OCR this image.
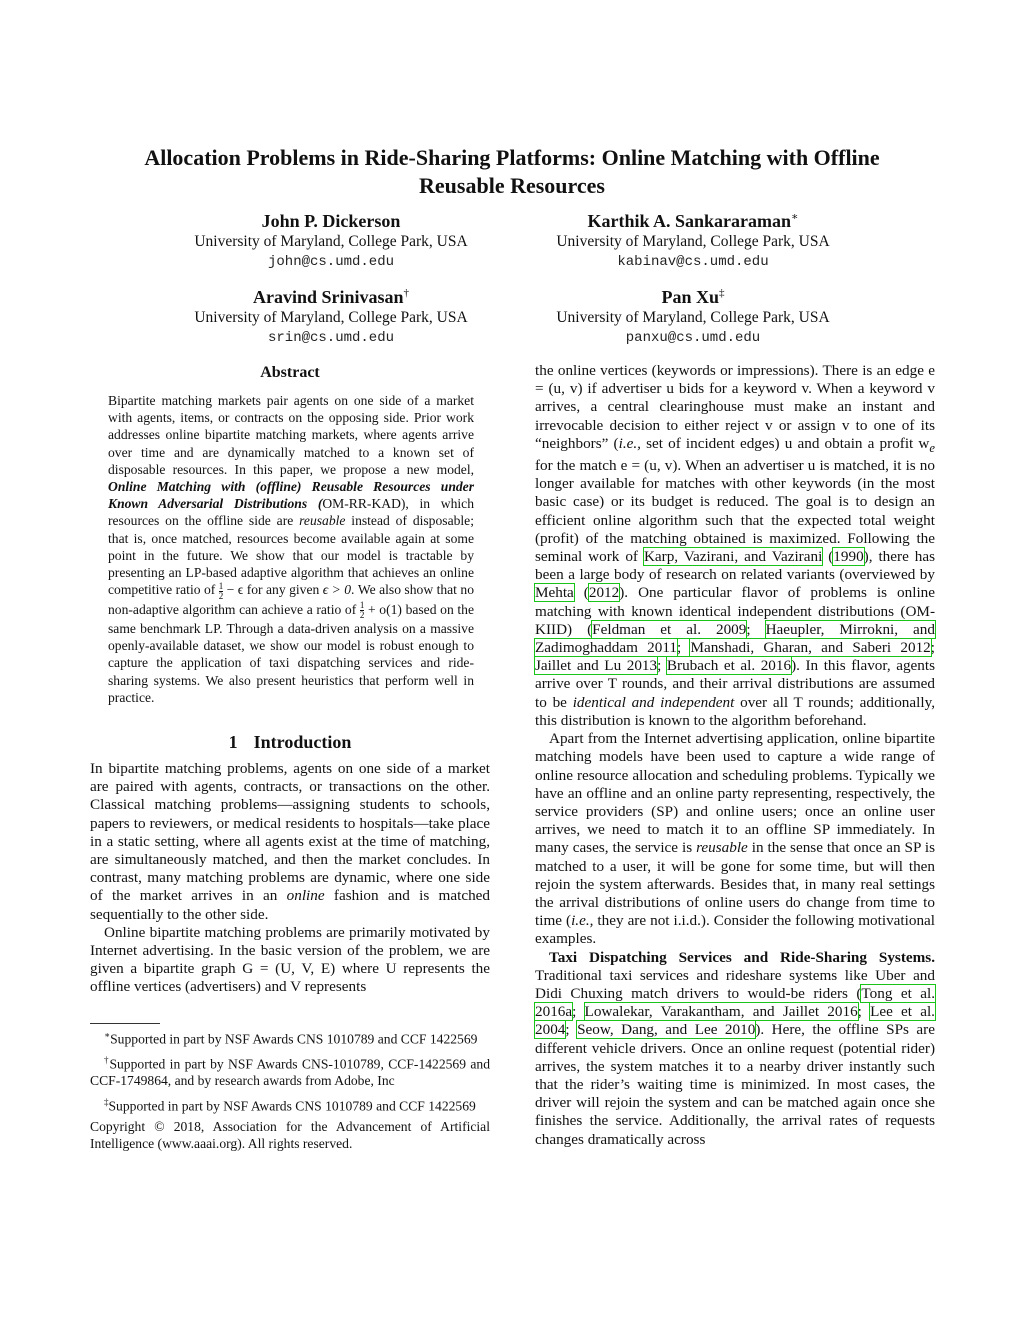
Allocation Problems in Ride-Sharing Platforms: Online Matching with Offline
Reusable Resources
John P. Dickerson
University of Maryland, College Park, USA
john@cs.umd.edu
Karthik A. Sankararaman∗
University of Maryland, College Park, USA
kabinav@cs.umd.edu
Aravind Srinivasan†
University of Maryland, College Park, USA
srin@cs.umd.edu
Pan Xu‡
University of Maryland, College Park, USA
panxu@cs.umd.edu
Abstract
Bipartite matching markets pair agents on one side of a market with agents, items, or contracts on the opposing side. Prior work addresses online bipartite matching markets, where agents arrive over time and are dynamically matched to a known set of disposable resources. In this paper, we propose a new model, Online Matching with (offline) Reusable Resources under Known Adversarial Distributions (OM-RR-KAD), in which resources on the offline side are reusable instead of disposable; that is, once matched, resources become available again at some point in the future. We show that our model is tractable by presenting an LP-based adaptive algorithm that achieves an online competitive ratio of $\frac{1}{2} - \epsilon$ for any given ϵ > 0. We also show that no non-adaptive algorithm can achieve a ratio of $\frac{1}{2} + o(1)$ based on the same benchmark LP. Through a data-driven analysis on a massive openly-available dataset, we show our model is robust enough to capture the application of taxi dispatching services and ride-sharing systems. We also present heuristics that perform well in practice.
1 Introduction

In bipartite matching problems, agents on one side of a market are paired with agents, contracts, or transactions on the other. Classical matching problems—assigning students to schools, papers to reviewers, or medical residents to hospitals—take place in a static setting, where all agents exist at the time of matching, are simultaneously matched, and then the market concludes. In contrast, many matching problems are dynamic, where one side of the market arrives in an online fashion and is matched sequentially to the other side.

Online bipartite matching problems are primarily motivated by Internet advertising. In the basic version of the problem, we are given a bipartite graph G = (U, V, E) where U represents the offline vertices (advertisers) and V represents

∗Supported in part by NSF Awards CNS 1010789 and CCF 1422569

†Supported in part by NSF Awards CNS-1010789, CCF-1422569 and CCF-1749864, and by research awards from Adobe, Inc

‡Supported in part by NSF Awards CNS 1010789 and CCF 1422569

Copyright © 2018, Association for the Advancement of Artificial Intelligence (www.aaai.org). All rights reserved.

the online vertices (keywords or impressions). There is an edge e = (u, v) if advertiser u bids for a keyword v. When a keyword v arrives, a central clearinghouse must make an instant and irrevocable decision to either reject v or assign v to one of its “neighbors” (i.e., set of incident edges) u and obtain a profit $w_e$ for the match e = (u, v). When an advertiser u is matched, it is no longer available for matches with other keywords (in the most basic case) or its budget is reduced. The goal is to design an efficient online algorithm such that the expected total weight (profit) of the matching obtained is maximized. Following the seminal work of Karp, Vazirani, and Vazirani (1990), there has been a large body of research on related variants (overviewed by Mehta (2012). One particular flavor of problems is online matching with known identical independent distributions (OM-KIID) (Feldman et al. 2009; Haeupler, Mirrokni, and Zadimoghaddam 2011; Manshadi, Gharan, and Saberi 2012; Jaillet and Lu 2013; Brubach et al. 2016). In this flavor, agents arrive over T rounds, and their arrival distributions are assumed to be identical and independent over all T rounds; additionally, this distribution is known to the algorithm beforehand.

Apart from the Internet advertising application, online bipartite matching models have been used to capture a wide range of online resource allocation and scheduling problems. Typically we have an offline and an online party representing, respectively, the service providers (SP) and online users; once an online user arrives, we need to match it to an offline SP immediately. In many cases, the service is reusable in the sense that once an SP is matched to a user, it will be gone for some time, but will then rejoin the system afterwards. Besides that, in many real settings the arrival distributions of online users do change from time to time (i.e., they are not i.i.d.). Consider the following motivational examples.

Taxi Dispatching Services and Ride-Sharing Systems. Traditional taxi services and rideshare systems like Uber and Didi Chuxing match drivers to would-be riders (Tong et al. 2016a; Lowalekar, Varakantham, and Jaillet 2016; Lee et al. 2004; Seow, Dang, and Lee 2010). Here, the offline SPs are different vehicle drivers. Once an online request (potential rider) arrives, the system matches it to a nearby driver instantly such that the rider’s waiting time is minimized. In most cases, the driver will rejoin the system and can be matched again once she finishes the service. Additionally, the arrival rates of requests changes dramatically across
